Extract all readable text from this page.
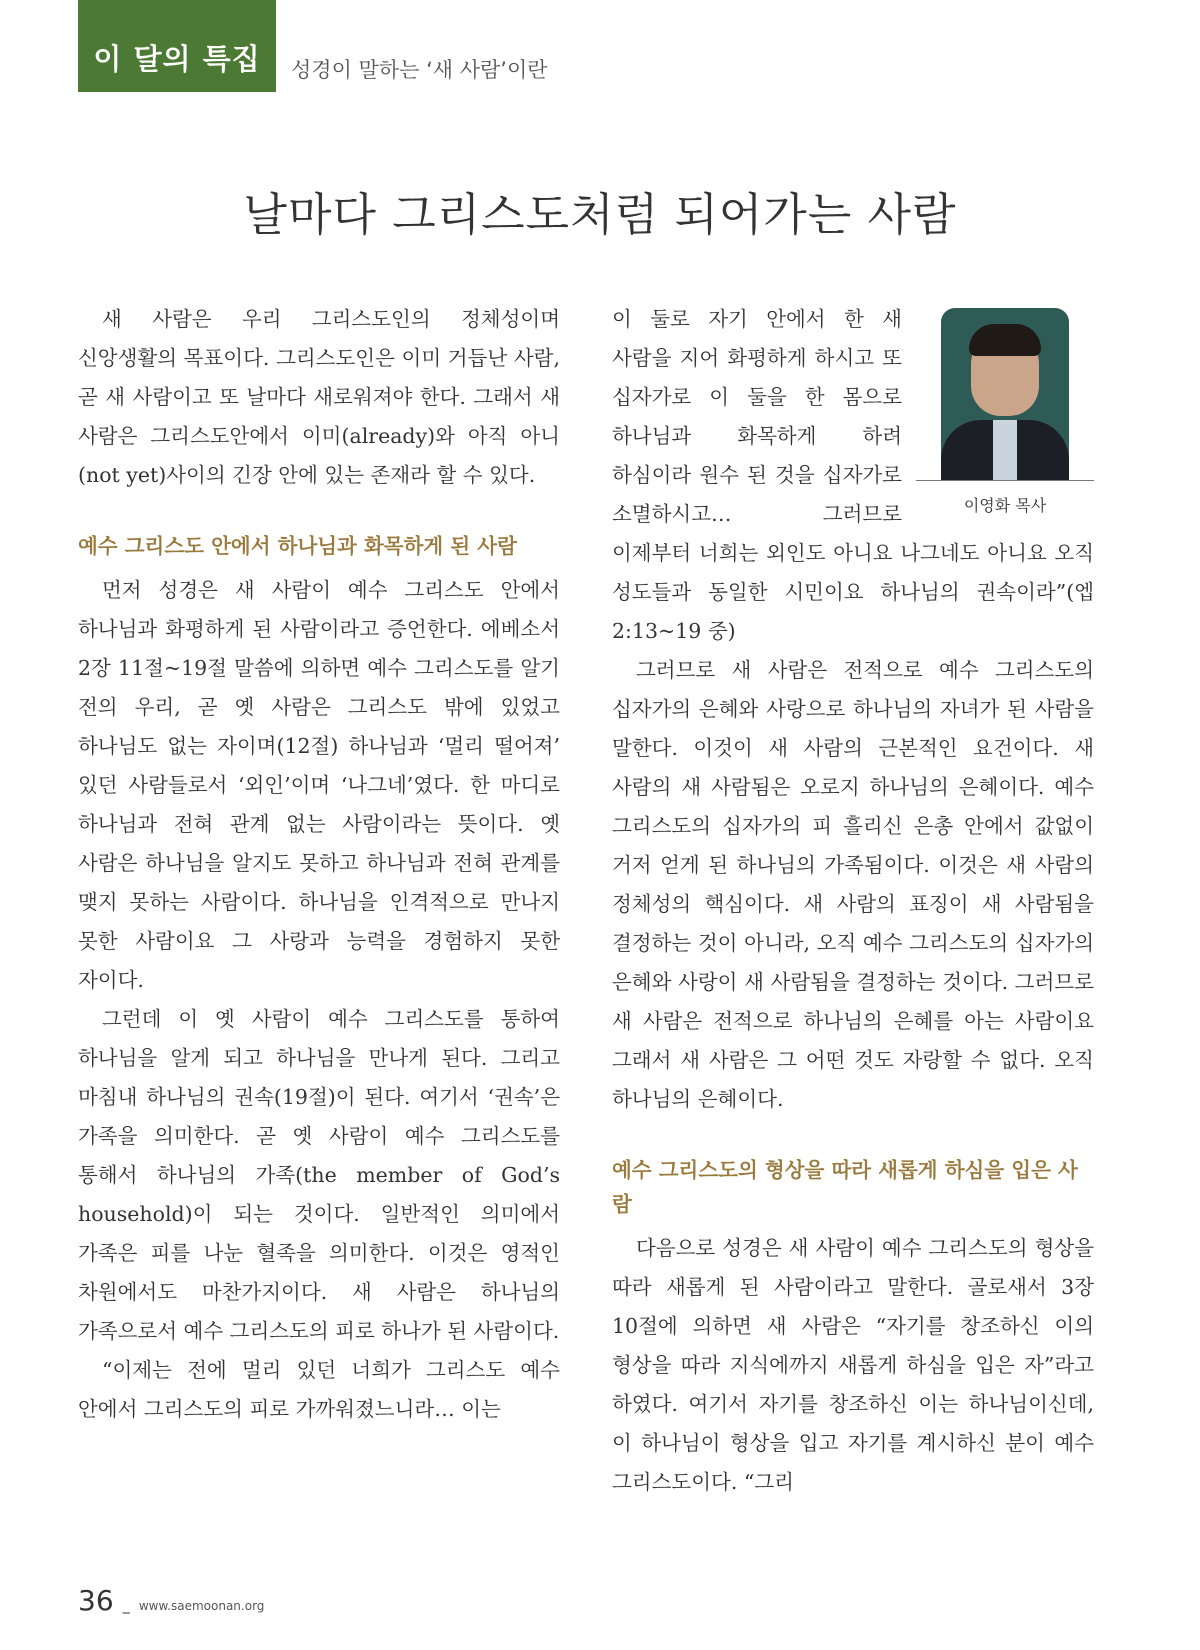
이 달의 특집	성경이 말하는 ‘새 사람’이란
날마다 그리스도처럼 되어가는 사람

새 사람은 우리 그리스도인의 정체성이며 신앙생활의 목표이다. 그리스도인은 이미 거듭난 사람, 곧 새 사람이고 또 날마다 새로워져야 한다. 그래서 새 사람은 그리스도안에서 이미(already)와 아직 아니(not yet)사이의 긴장 안에 있는 존재라 할 수 있다.

예수 그리스도 안에서 하나님과 화목하게 된 사람

먼저 성경은 새 사람이 예수 그리스도 안에서 하나님과 화평하게 된 사람이라고 증언한다. 에베소서 2장 11절~19절 말씀에 의하면 예수 그리스도를 알기 전의 우리, 곧 옛 사람은 그리스도 밖에 있었고 하나님도 없는 자이며(12절) 하나님과 ‘멀리 떨어져’ 있던 사람들로서 ‘외인’이며 ‘나그네’였다. 한 마디로 하나님과 전혀 관계 없는 사람이라는 뜻이다. 옛 사람은 하나님을 알지도 못하고 하나님과 전혀 관계를 맺지 못하는 사람이다. 하나님을 인격적으로 만나지 못한 사람이요 그 사랑과 능력을 경험하지 못한 자이다.

그런데 이 옛 사람이 예수 그리스도를 통하여 하나님을 알게 되고 하나님을 만나게 된다. 그리고 마침내 하나님의 권속(19절)이 된다. 여기서 ‘권속’은 가족을 의미한다. 곧 옛 사람이 예수 그리스도를 통해서 하나님의 가족(the member of God’s household)이 되는 것이다. 일반적인 의미에서 가족은 피를 나눈 혈족을 의미한다. 이것은 영적인 차원에서도 마찬가지이다. 새 사람은 하나님의 가족으로서 예수 그리스도의 피로 하나가 된 사람이다.

“이제는 전에 멀리 있던 너희가 그리스도 예수 안에서 그리스도의 피로 가까워졌느니라… 이는

이영화 목사

이 둘로 자기 안에서 한 새 사람을 지어 화평하게 하시고 또 십자가로 이 둘을 한 몸으로 하나님과 화목하게 하려 하심이라 원수 된 것을 십자가로 소멸하시고… 그러므로 이제부터 너희는 외인도 아니요 나그네도 아니요 오직 성도들과 동일한 시민이요 하나님의 권속이라”(엡 2:13~19 중)

그러므로 새 사람은 전적으로 예수 그리스도의 십자가의 은혜와 사랑으로 하나님의 자녀가 된 사람을 말한다. 이것이 새 사람의 근본적인 요건이다. 새 사람의 새 사람됨은 오로지 하나님의 은혜이다. 예수 그리스도의 십자가의 피 흘리신 은총 안에서 값없이 거저 얻게 된 하나님의 가족됨이다. 이것은 새 사람의 정체성의 핵심이다. 새 사람의 표징이 새 사람됨을 결정하는 것이 아니라, 오직 예수 그리스도의 십자가의 은혜와 사랑이 새 사람됨을 결정하는 것이다. 그러므로 새 사람은 전적으로 하나님의 은혜를 아는 사람이요 그래서 새 사람은 그 어떤 것도 자랑할 수 없다. 오직 하나님의 은혜이다.

예수 그리스도의 형상을 따라 새롭게 하심을 입은 사람

다음으로 성경은 새 사람이 예수 그리스도의 형상을 따라 새롭게 된 사람이라고 말한다. 골로새서 3장 10절에 의하면 새 사람은 “자기를 창조하신 이의 형상을 따라 지식에까지 새롭게 하심을 입은 자”라고 하였다. 여기서 자기를 창조하신 이는 하나님이신데, 이 하나님이 형상을 입고 자기를 계시하신 분이 예수 그리스도이다. “그리

36 _ www.saemoonan.org
